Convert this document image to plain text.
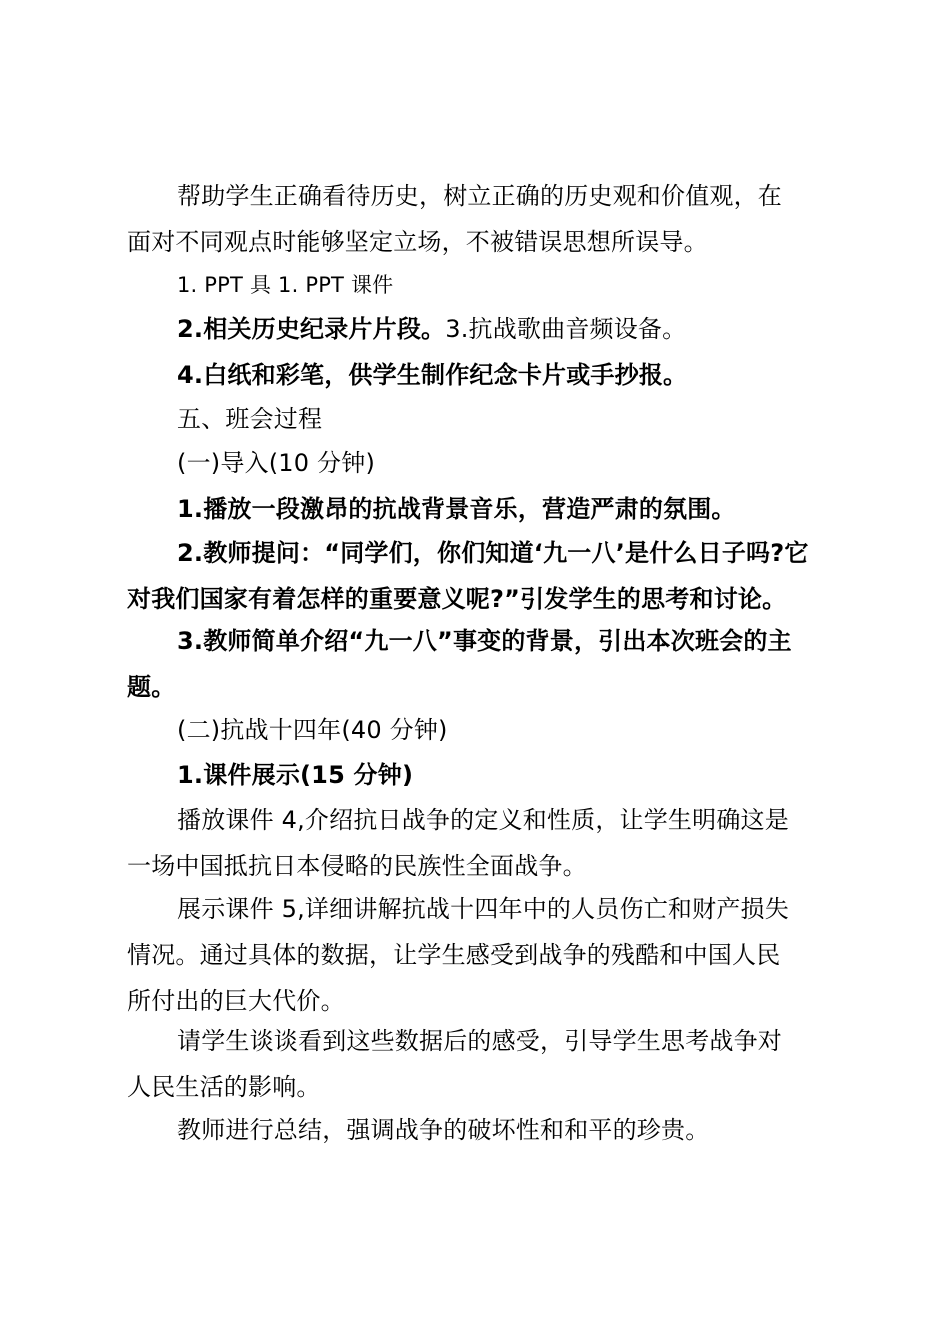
帮助学生正确看待历史，树立正确的历史观和价值观，在
面对不同观点时能够坚定立场，不被错误思想所误导。

1. PPT 具 1. PPT 课件

2.相关历史纪录片片段。3.抗战歌曲音频设备。

4.白纸和彩笔，供学生制作纪念卡片或手抄报。

五、班会过程

(一)导入(10 分钟)

1.播放一段激昂的抗战背景音乐，营造严肃的氛围。

2.教师提问：“同学们，你们知道‘九一八’是什么日子吗?它
对我们国家有着怎样的重要意义呢?”引发学生的思考和讨论。

3.教师简单介绍“九一八”事变的背景，引出本次班会的主
题。

(二)抗战十四年(40 分钟)

1.课件展示(15 分钟)

播放课件 4,介绍抗日战争的定义和性质，让学生明确这是
一场中国抵抗日本侵略的民族性全面战争。

展示课件 5,详细讲解抗战十四年中的人员伤亡和财产损失
情况。通过具体的数据，让学生感受到战争的残酷和中国人民
所付出的巨大代价。

请学生谈谈看到这些数据后的感受，引导学生思考战争对
人民生活的影响。

教师进行总结，强调战争的破坏性和和平的珍贵。
